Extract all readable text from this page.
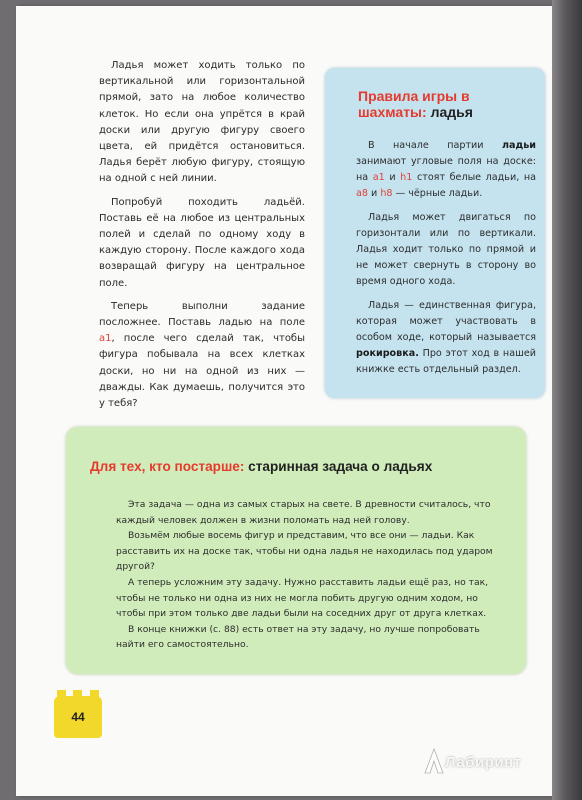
Ладья может ходить только по вертикальной или горизонтальной прямой, зато на любое количество клеток. Но если она упрётся в край доски или другую фигуру своего цвета, ей придётся остановиться. Ладья берёт любую фигуру, стоящую на одной с ней линии.

Попробуй походить ладьёй. Поставь её на любое из центральных полей и сделай по одному ходу в каждую сторону. После каждого хода возвращай фигуру на центральное поле.

Теперь выполни задание посложнее. Поставь ладью на поле a1, после чего сделай так, чтобы фигура побывала на всех клетках доски, но ни на одной из них — дважды. Как думаешь, получится это у тебя?

Правила игры в шахматы: ладья

В начале партии ладьи занимают угловые поля на доске: на a1 и h1 стоят белые ладьи, на a8 и h8 — чёрные ладьи.

Ладья может двигаться по горизонтали или по вертикали. Ладья ходит только по прямой и не может свернуть в сторону во время одного хода.

Ладья — единственная фигура, которая может участвовать в особом ходе, который называется рокировка. Про этот ход в нашей книжке есть отдельный раздел.

Для тех, кто постарше: старинная задача о ладьях

Эта задача — одна из самых старых на свете. В древности считалось, что каждый человек должен в жизни поломать над ней голову.

Возьмём любые восемь фигур и представим, что все они — ладьи. Как расставить их на доске так, чтобы ни одна ладья не находилась под ударом другой?

А теперь усложним эту задачу. Нужно расставить ладьи ещё раз, но так, чтобы не только ни одна из них не могла побить другую одним ходом, но чтобы при этом только две ладьи были на соседних друг от друга клетках.

В конце книжки (с. 88) есть ответ на эту задачу, но лучше попробовать найти его самостоятельно.

44
Лабиринт
